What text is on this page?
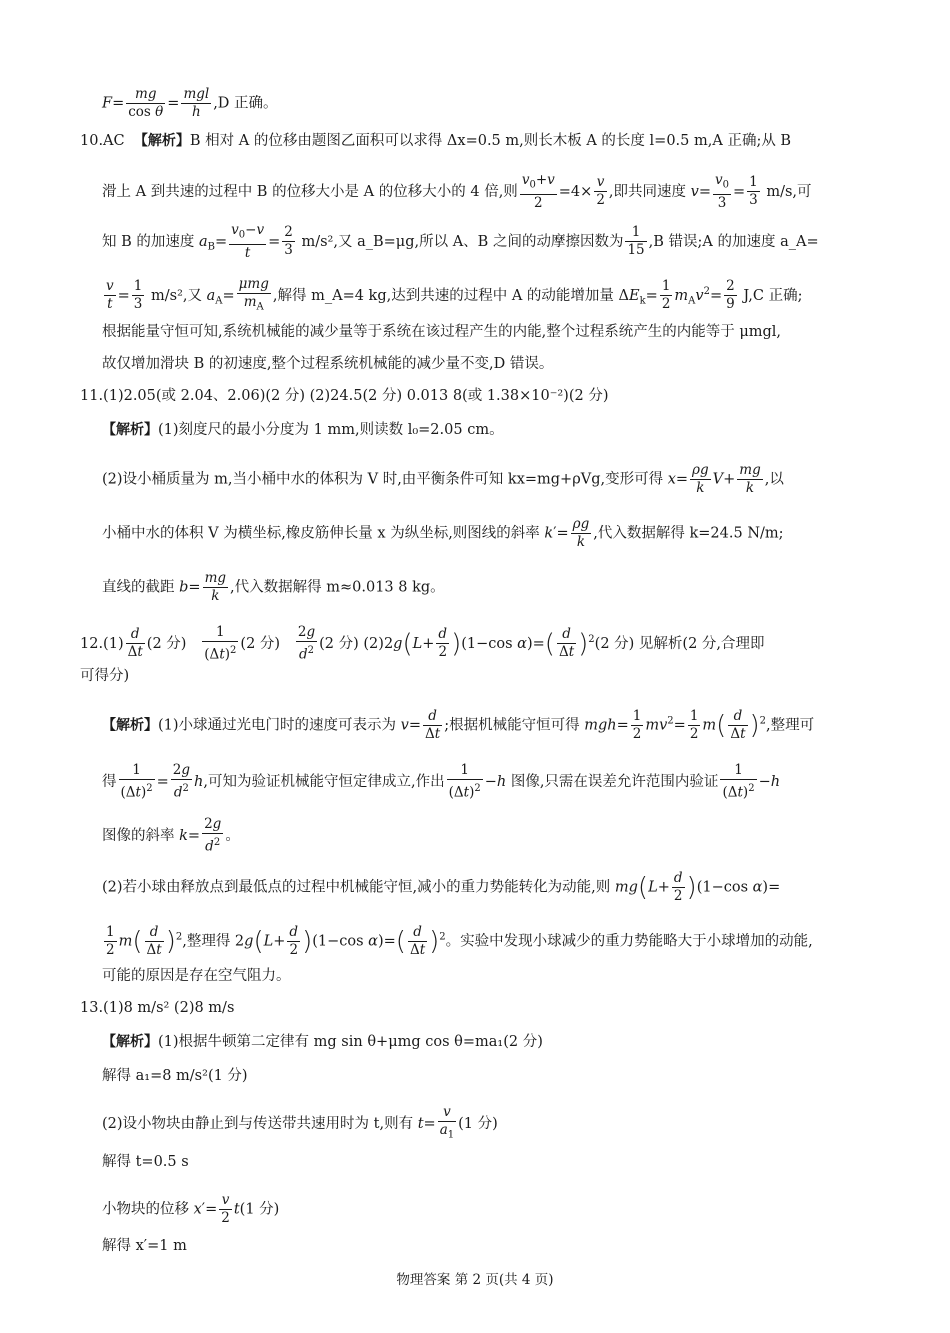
$F= \frac{mg}{\text{cos θ}}$ =
mgl
h
,D 正确。
10.AC 【解析】B 相对 A 的位移由题图乙面积可以求得 Δx=0.5 m,则长木板 A 的长度 l=0.5 m,A 正确;从 B
滑上 A 到共速的过程中 B 的位移大小是 A 的位移大小的 4 倍,则 $\frac{v_0+v}{2} =4\times \frac{v}{2}$ ,即共同速度 $v= \frac{v_0}{3} = \frac{1}{3} m/s$,可
知 B 的加速度 $a_B= \frac{v_0-v}{t} = \frac{2}{3} m/s^2$,又 a_B=μg,所以 A、B 之间的动摩擦因数为 $\frac{1}{15} ,B$ 错误;A 的加速度 a_A=
$\frac{v}{t} = \frac{1}{3} m/s^2$,又 $a_A=$
μmg
$m_A$
,解得 m_A=4 kg,达到共速的过程中 A 的动能增加量 $\Delta E_k= \frac{1}{2} m_Av^2= \frac{2}{9} J,C$ 正确;
根据能量守恒可知,系统机械能的减少量等于系统在该过程产生的内能,整个过程系统产生的内能等于 μmgl,
故仅增加滑块 B 的初速度,整个过程系统机械能的减少量不变,D 错误。
11.(1)2.05(或 2.04、2.06)(2 分) (2)24.5(2 分) 0.013 8(或 1.38×10⁻²)(2 分)
【解析】(1)刻度尺的最小分度为 1 mm,则读数 l₀=2.05 cm。
(2)设小桶质量为 m,当小桶中水的体积为 V 时,由平衡条件可知 kx=mg+ρVg,变形可得 $x= \frac{\rho g}{k} V+ \frac{mg}{k}$ ,以
小桶中水的体积 V 为横坐标,橡皮筋伸长量 x 为纵坐标,则图线的斜率 $k'= \frac{\rho g}{k}$ ,代入数据解得 k=24.5 N/m;
直线的截距 $b= \frac{mg}{k}$ ,代入数据解得 m≈0.013 8 kg。
$12.(1) \frac{d}{\Delta t} (2$ 分) $\frac{1}{(\Delta t)^2} (2$ 分) $\frac{2g}{d^2} (2$ 分) $(2)2g(L+ \frac{d}{2} )(1-\cos$ $\alpha)=( \frac{d}{\Delta t} )^2(2$ 分) 见解析(2 分,合理即
可得分)
【解析】(1)小球通过光电门时的速度可表示为 $v= \frac{d}{\Delta t}$ ;根据机械能守恒可得 $mgh= \frac{1}{2} mv^2= \frac{1}{2} m( \frac{d}{\Delta t} )^2$,整理可
得 $\frac{1}{(\Delta t)^2} = \frac{2g}{d^2} h$,可知为验证机械能守恒定律成立,作出 $\frac{1}{(\Delta t)^2} -h$ 图像,只需在误差允许范围内验证 $\frac{1}{(\Delta t)^2} -h$
图像的斜率 $k= \frac{2g}{d^2}$ 。
(2)若小球由释放点到最低点的过程中机械能守恒,减小的重力势能转化为动能,则 $mg(L+ \frac{d}{2} )(1-\cos$ α)=
$\frac{1}{2} m( \frac{d}{\Delta t} )^2$,整理得 $2g(L+ \frac{d}{2} )(1-\cos$ $\alpha)=( \frac{d}{\Delta t} )^2$。实验中发现小球减少的重力势能略大于小球增加的动能,
可能的原因是存在空气阻力。
13.(1)8 m/s² (2)8 m/s
【解析】(1)根据牛顿第二定律有 mg sin θ+μmg cos θ=ma₁(2 分)
解得 a₁=8 m/s²(1 分)
(2)设小物块由静止到与传送带共速用时为 t,则有 $t= \frac{v}{a_1} (1$ 分)
解得 t=0.5 s
小物块的位移 $x'= \frac{v}{2} t(1$ 分)
解得 x′=1 m
物理答案 第 2 页(共 4 页)
